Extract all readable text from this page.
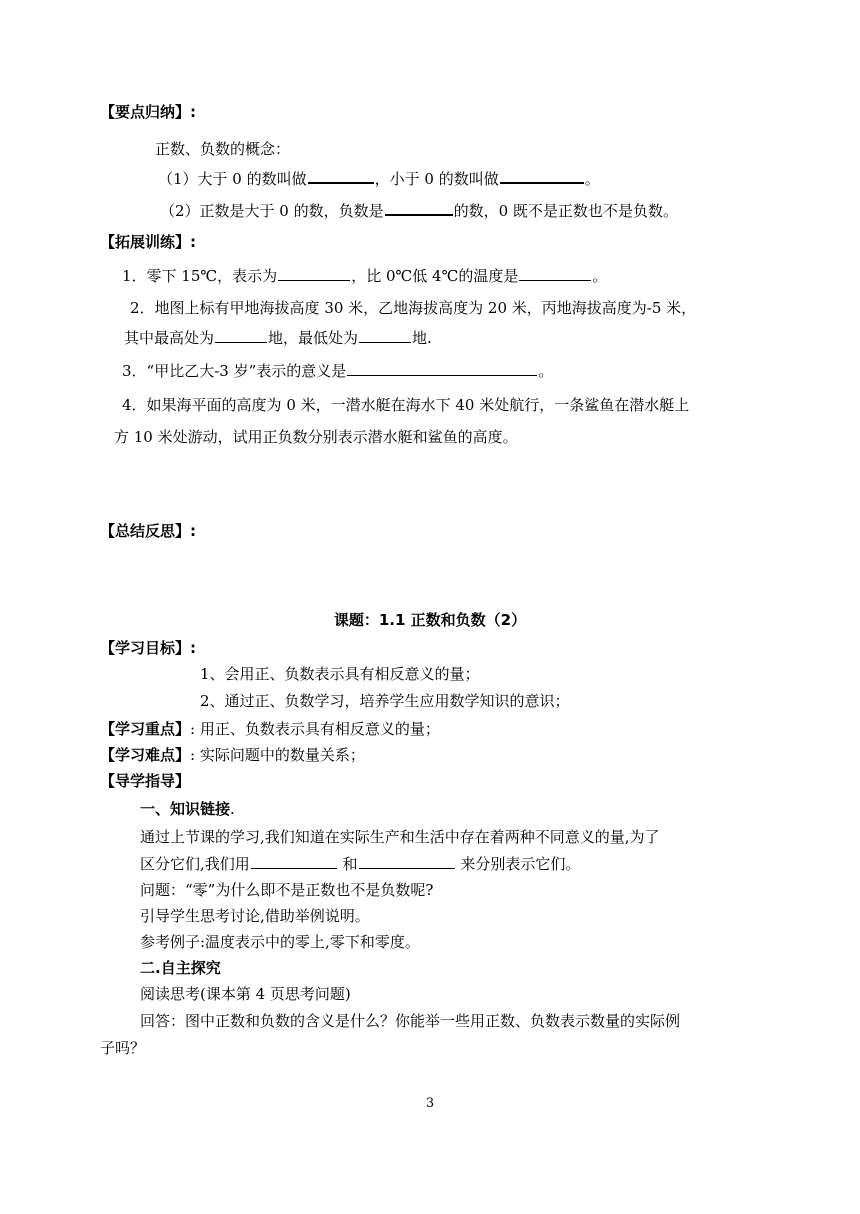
【要点归纳】:
正数、负数的概念：
（1）大于 0 的数叫做	，小于 0 的数叫做	。
（2）正数是大于 0 的数，负数是	的数，0 既不是正数也不是负数。
【拓展训练】:
1．零下 15℃，表示为	，比 0℃低 4℃的温度是	。
2．地图上标有甲地海拔高度 30 米，乙地海拔高度为 20 米，丙地海拔高度为-5 米，
其中最高处为	地，最低处为	地.
3．“甲比乙大-3 岁”表示的意义是	。
4．如果海平面的高度为 0 米，一潜水艇在海水下 40 米处航行，一条鲨鱼在潜水艇上
方 10 米处游动，试用正负数分别表示潜水艇和鲨鱼的高度。
【总结反思】:
课题：1.1 正数和负数（2）
【学习目标】:
1、会用正、负数表示具有相反意义的量；
2、通过正、负数学习，培养学生应用数学知识的意识；
【学习重点】: 用正、负数表示具有相反意义的量；
【学习难点】: 实际问题中的数量关系；
【导学指导】
一、知识链接.
通过上节课的学习,我们知道在实际生产和生活中存在着两种不同意义的量,为了
区分它们,我们用	和	来分别表示它们。
问题：“零”为什么即不是正数也不是负数呢?
引导学生思考讨论,借助举例说明。
参考例子:温度表示中的零上,零下和零度。
二.自主探究
阅读思考(课本第 4 页思考问题)
回答：图中正数和负数的含义是什么？你能举一些用正数、负数表示数量的实际例
子吗？
3
